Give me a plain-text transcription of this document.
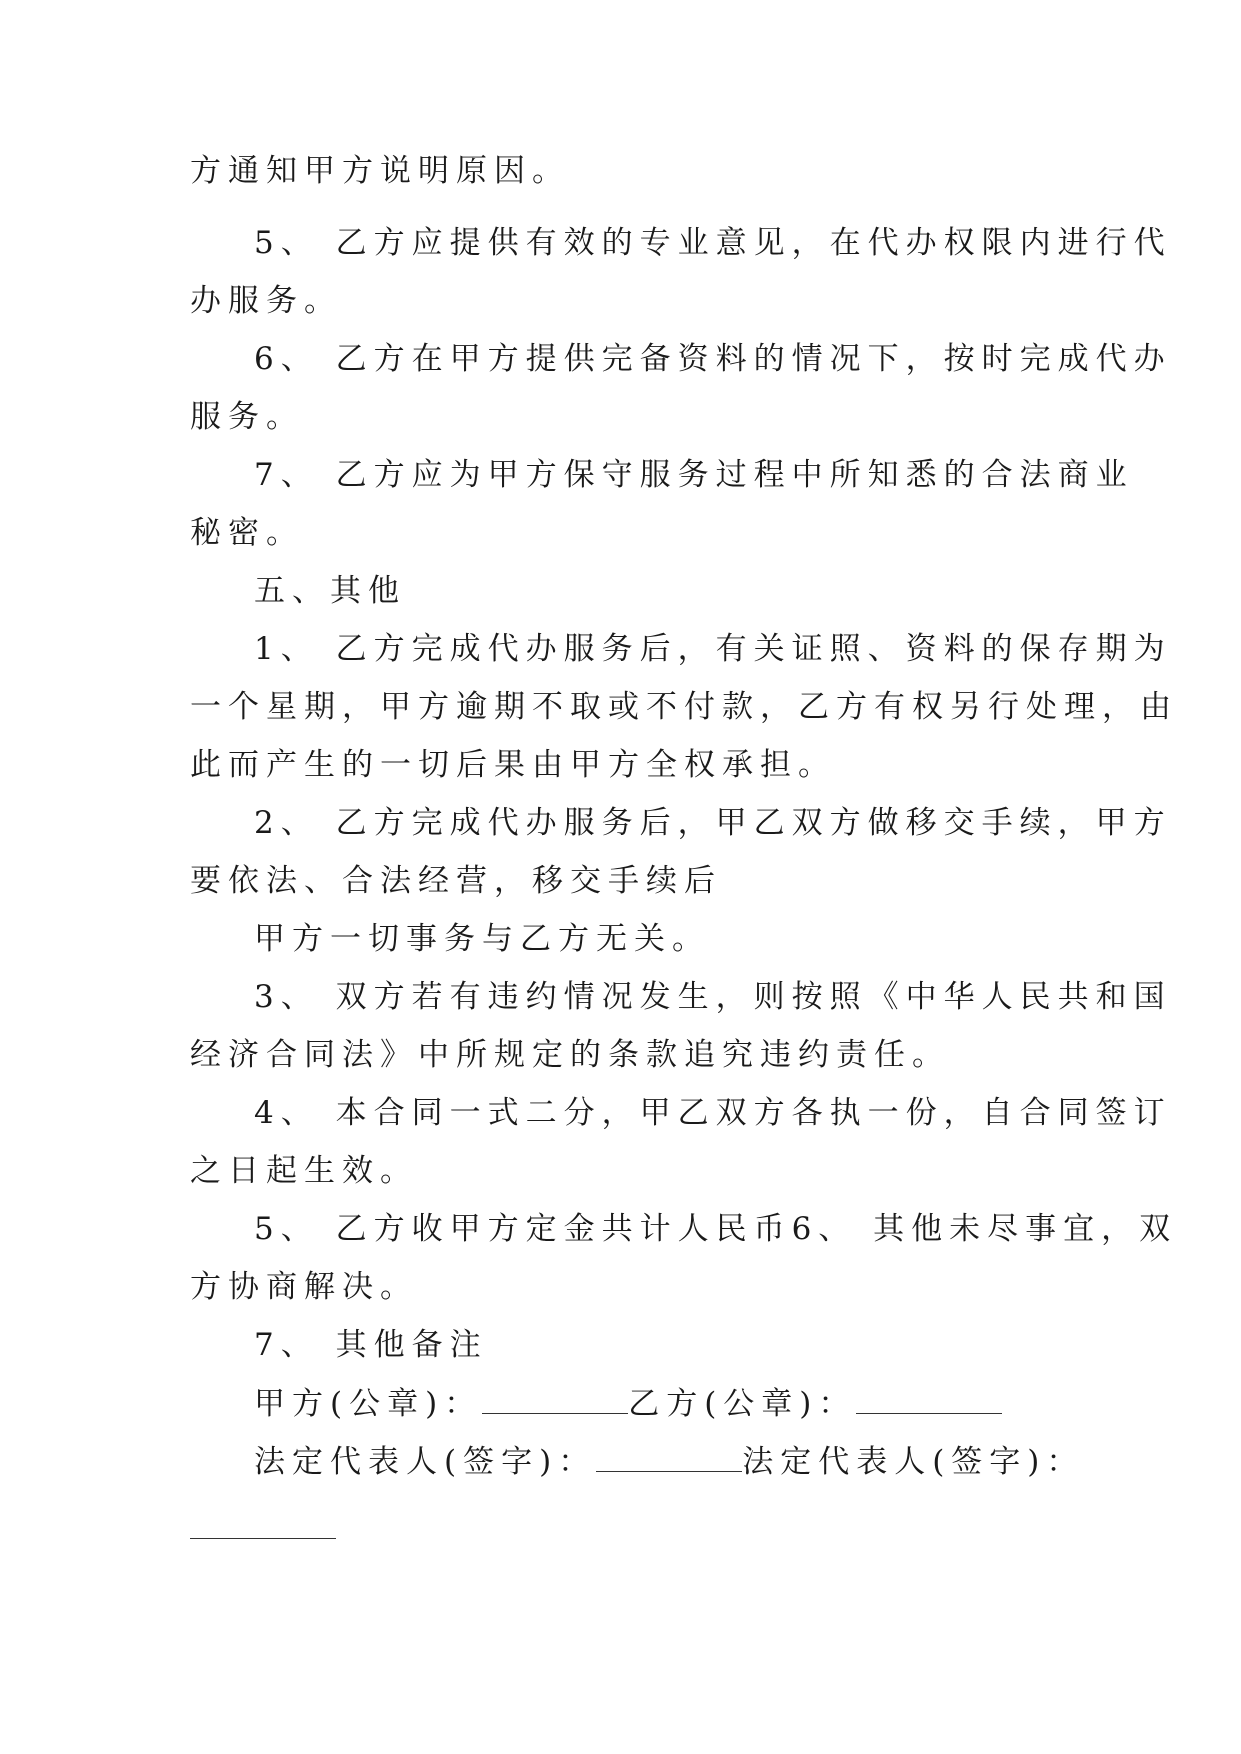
方通知甲方说明原因。
5、 乙方应提供有效的专业意见，在代办权限内进行代
办服务。
6、 乙方在甲方提供完备资料的情况下，按时完成代办
服务。
7、 乙方应为甲方保守服务过程中所知悉的合法商业
秘密。
五、其他
1、 乙方完成代办服务后，有关证照、资料的保存期为
一个星期，甲方逾期不取或不付款，乙方有权另行处理，由
此而产生的一切后果由甲方全权承担。
2、 乙方完成代办服务后，甲乙双方做移交手续，甲方
要依法、合法经营，移交手续后
甲方一切事务与乙方无关。
3、 双方若有违约情况发生，则按照《中华人民共和国
经济合同法》中所规定的条款追究违约责任。
4、 本合同一式二分，甲乙双方各执一份，自合同签订
之日起生效。
5、 乙方收甲方定金共计人民币6、 其他未尽事宜，双
方协商解决。
7、 其他备注
甲方(公章)：	乙方(公章)：
法定代表人(签字)：	法定代表人(签字)：
